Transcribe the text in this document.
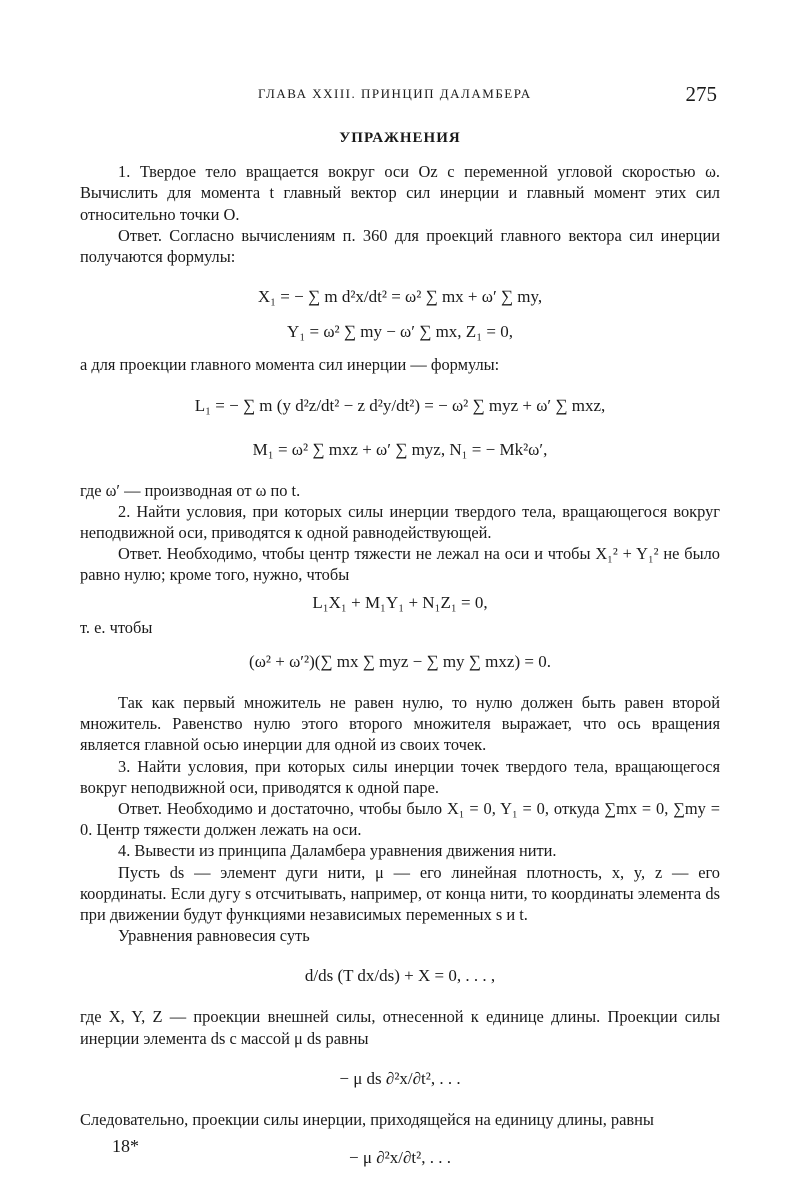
ГЛАВА XXIII. ПРИНЦИП ДАЛАМБЕРА	275
УПРАЖНЕНИЯ

1. Твердое тело вращается вокруг оси Oz с переменной угловой скоростью ω. Вычислить для момента t главный вектор сил инерции и главный момент этих сил относительно точки O.

Ответ. Согласно вычислениям п. 360 для проекций главного вектора сил инерции получаются формулы:

X₁ = − ∑ m d²x/dt² = ω² ∑ mx + ω′ ∑ my,
Y₁ = ω² ∑ my − ω′ ∑ mx, Z₁ = 0,

а для проекции главного момента сил инерции — формулы:

L₁ = − ∑ m (y d²z/dt² − z d²y/dt²) = − ω² ∑ myz + ω′ ∑ mxz,
M₁ = ω² ∑ mxz + ω′ ∑ myz, N₁ = − Mk²ω′,

где ω′ — производная от ω по t.

2. Найти условия, при которых силы инерции твердого тела, вращающегося вокруг неподвижной оси, приводятся к одной равнодействующей.

Ответ. Необходимо, чтобы центр тяжести не лежал на оси и чтобы X₁² + Y₁² не было равно нулю; кроме того, нужно, чтобы

L₁X₁ + M₁Y₁ + N₁Z₁ = 0,

т. е. чтобы

(ω² + ω′²)(∑ mx ∑ myz − ∑ my ∑ mxz) = 0.

Так как первый множитель не равен нулю, то нулю должен быть равен второй множитель. Равенство нулю этого второго множителя выражает, что ось вращения является главной осью инерции для одной из своих точек.

3. Найти условия, при которых силы инерции точек твердого тела, вращающегося вокруг неподвижной оси, приводятся к одной паре.

Ответ. Необходимо и достаточно, чтобы было X₁ = 0, Y₁ = 0, откуда ∑mx = 0, ∑my = 0. Центр тяжести должен лежать на оси.

4. Вывести из принципа Даламбера уравнения движения нити.

Пусть ds — элемент дуги нити, μ — его линейная плотность, x, y, z — его координаты. Если дугу s отсчитывать, например, от конца нити, то координаты элемента ds при движении будут функциями независимых переменных s и t.

Уравнения равновесия суть

d/ds (T dx/ds) + X = 0, . . . ,

где X, Y, Z — проекции внешней силы, отнесенной к единице длины. Проекции силы инерции элемента ds с массой μ ds равны

− μ ds ∂²x/∂t², . . .

Следовательно, проекции силы инерции, приходящейся на единицу длины, равны

− μ ∂²x/∂t², . . .
18*
